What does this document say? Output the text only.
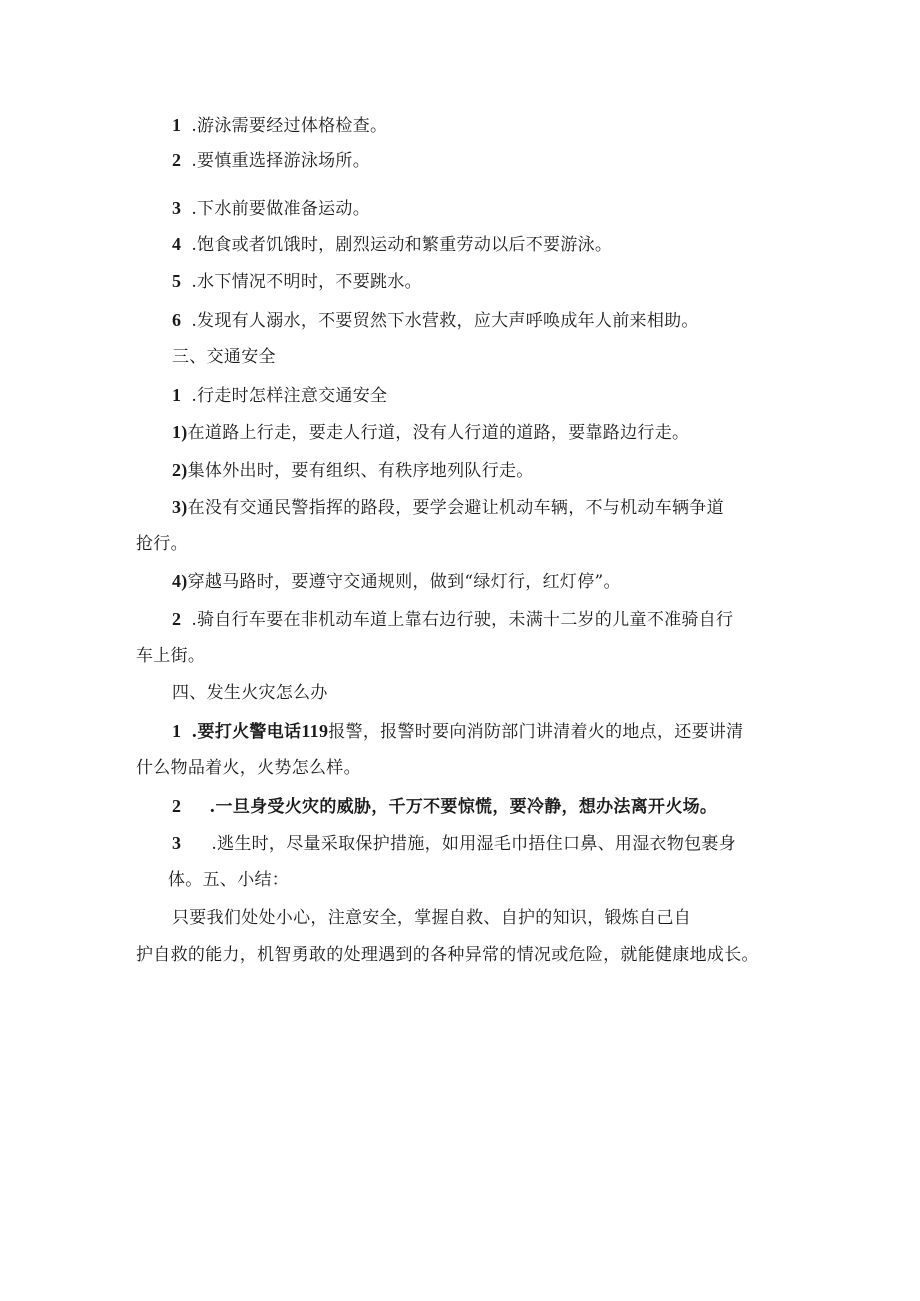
1 .游泳需要经过体格检查。
2 .要慎重选择游泳场所。
3 .下水前要做准备运动。
4 .饱食或者饥饿时，剧烈运动和繁重劳动以后不要游泳。
5 .水下情况不明时，不要跳水。
6 .发现有人溺水，不要贸然下水营救，应大声呼唤成年人前来相助。
三、交通安全
1 .行走时怎样注意交通安全
1)在道路上行走，要走人行道，没有人行道的道路，要靠路边行走。
2)集体外出时，要有组织、有秩序地列队行走。
3)在没有交通民警指挥的路段，要学会避让机动车辆，不与机动车辆争道
抢行。
4)穿越马路时，要遵守交通规则，做到“绿灯行，红灯停”。
2 .骑自行车要在非机动车道上靠右边行驶，未满十二岁的儿童不准骑自行
车上街。
四、发生火灾怎么办
1 .要打火警电话119报警，报警时要向消防部门讲清着火的地点，还要讲清
什么物品着火，火势怎么样。
2 .一旦身受火灾的威胁，千万不要惊慌，要冷静，想办法离开火场。
3 .逃生时，尽量采取保护措施，如用湿毛巾捂住口鼻、用湿衣物包裹身
体。五、小结：
只要我们处处小心，注意安全，掌握自救、自护的知识，锻炼自己自
护自救的能力，机智勇敢的处理遇到的各种异常的情况或危险，就能健康地成长。
